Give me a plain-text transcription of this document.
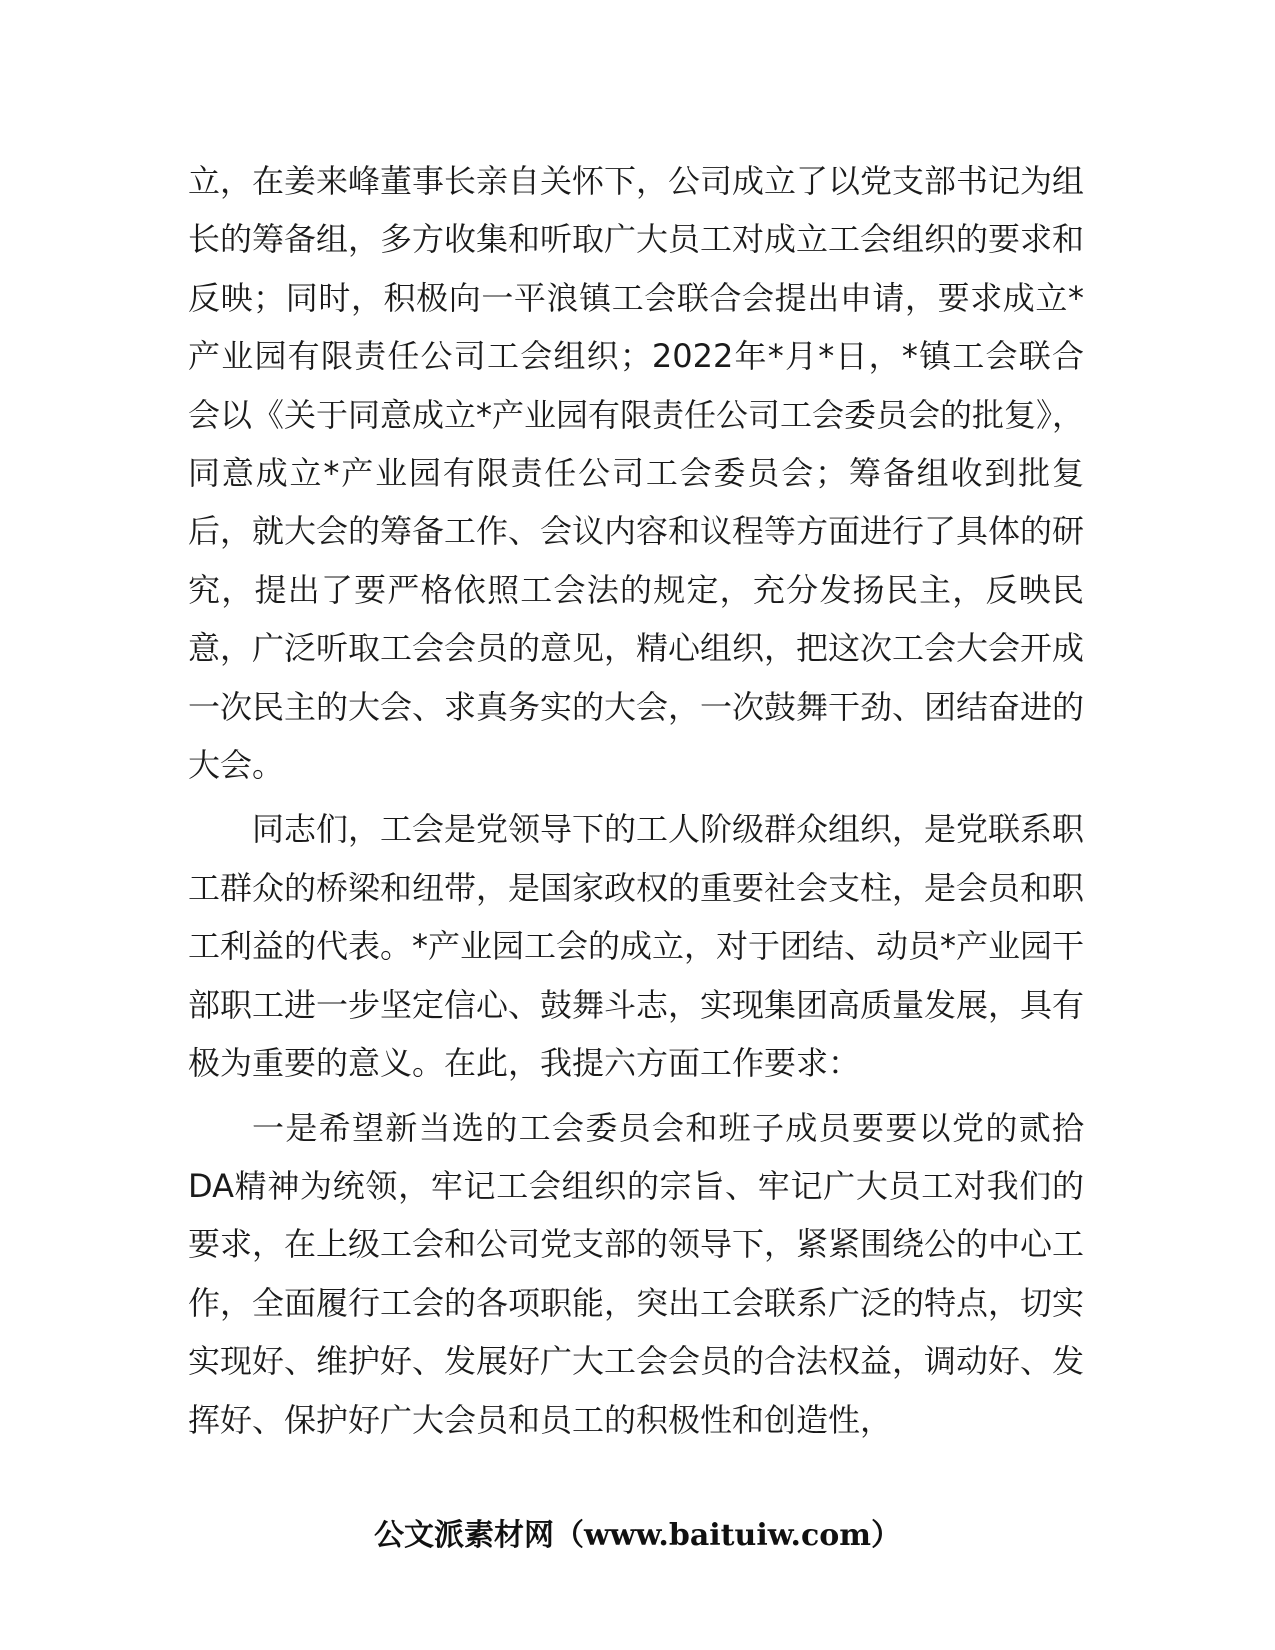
立，在姜来峰董事长亲自关怀下，公司成立了以党支部书记为组长的筹备组，多方收集和听取广大员工对成立工会组织的要求和反映；同时，积极向一平浪镇工会联合会提出申请，要求成立*产业园有限责任公司工会组织；2022年*月*日，*镇工会联合会以《关于同意成立*产业园有限责任公司工会委员会的批复》，同意成立*产业园有限责任公司工会委员会；筹备组收到批复后，就大会的筹备工作、会议内容和议程等方面进行了具体的研究，提出了要严格依照工会法的规定，充分发扬民主，反映民意，广泛听取工会会员的意见，精心组织，把这次工会大会开成一次民主的大会、求真务实的大会，一次鼓舞干劲、团结奋进的大会。

同志们，工会是党领导下的工人阶级群众组织，是党联系职工群众的桥梁和纽带，是国家政权的重要社会支柱，是会员和职工利益的代表。*产业园工会的成立，对于团结、动员*产业园干部职工进一步坚定信心、鼓舞斗志，实现集团高质量发展，具有极为重要的意义。在此，我提六方面工作要求：

一是希望新当选的工会委员会和班子成员要要以党的贰拾DA精神为统领，牢记工会组织的宗旨、牢记广大员工对我们的要求，在上级工会和公司党支部的领导下，紧紧围绕公的中心工作，全面履行工会的各项职能，突出工会联系广泛的特点，切实实现好、维护好、发展好广大工会会员的合法权益，调动好、发挥好、保护好广大会员和员工的积极性和创造性，

公文派素材网（www.baituiw.com）
